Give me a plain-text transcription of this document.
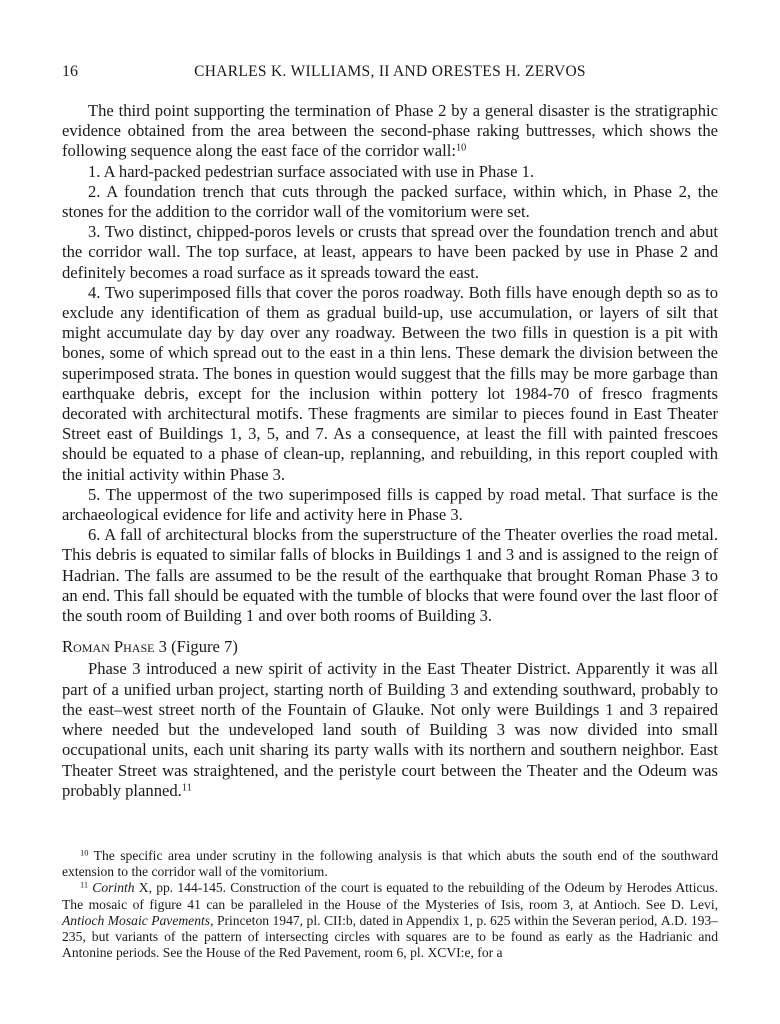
16	CHARLES K. WILLIAMS, II AND ORESTES H. ZERVOS

The third point supporting the termination of Phase 2 by a general disaster is the stratigraphic evidence obtained from the area between the second-phase raking buttresses, which shows the following sequence along the east face of the corridor wall:$^{10}$

1. A hard-packed pedestrian surface associated with use in Phase 1.

2. A foundation trench that cuts through the packed surface, within which, in Phase 2, the stones for the addition to the corridor wall of the vomitorium were set.

3. Two distinct, chipped-poros levels or crusts that spread over the foundation trench and abut the corridor wall. The top surface, at least, appears to have been packed by use in Phase 2 and definitely becomes a road surface as it spreads toward the east.

4. Two superimposed fills that cover the poros roadway. Both fills have enough depth so as to exclude any identification of them as gradual build-up, use accumulation, or layers of silt that might accumulate day by day over any roadway. Between the two fills in question is a pit with bones, some of which spread out to the east in a thin lens. These demark the division between the superimposed strata. The bones in question would suggest that the fills may be more garbage than earthquake debris, except for the inclusion within pottery lot 1984-70 of fresco fragments decorated with architectural motifs. These fragments are similar to pieces found in East Theater Street east of Buildings 1, 3, 5, and 7. As a consequence, at least the fill with painted frescoes should be equated to a phase of clean-up, replanning, and rebuilding, in this report coupled with the initial activity within Phase 3.

5. The uppermost of the two superimposed fills is capped by road metal. That surface is the archaeological evidence for life and activity here in Phase 3.

6. A fall of architectural blocks from the superstructure of the Theater overlies the road metal. This debris is equated to similar falls of blocks in Buildings 1 and 3 and is assigned to the reign of Hadrian. The falls are assumed to be the result of the earthquake that brought Roman Phase 3 to an end. This fall should be equated with the tumble of blocks that were found over the last floor of the south room of Building 1 and over both rooms of Building 3.

Roman Phase 3 (Figure 7)

Phase 3 introduced a new spirit of activity in the East Theater District. Apparently it was all part of a unified urban project, starting north of Building 3 and extending southward, probably to the east–west street north of the Fountain of Glauke. Not only were Buildings 1 and 3 repaired where needed but the undeveloped land south of Building 3 was now divided into small occupational units, each unit sharing its party walls with its northern and southern neighbor. East Theater Street was straightened, and the peristyle court between the Theater and the Odeum was probably planned.$^{11}$

$^{10}$ The specific area under scrutiny in the following analysis is that which abuts the south end of the southward extension to the corridor wall of the vomitorium.

$^{11}$ Corinth X, pp. 144-145. Construction of the court is equated to the rebuilding of the Odeum by Herodes Atticus. The mosaic of figure 41 can be paralleled in the House of the Mysteries of Isis, room 3, at Antioch. See D. Levi, Antioch Mosaic Pavements, Princeton 1947, pl. CII:b, dated in Appendix 1, p. 625 within the Severan period, A.D. 193–235, but variants of the pattern of intersecting circles with squares are to be found as early as the Hadrianic and Antonine periods. See the House of the Red Pavement, room 6, pl. XCVI:e, for a
